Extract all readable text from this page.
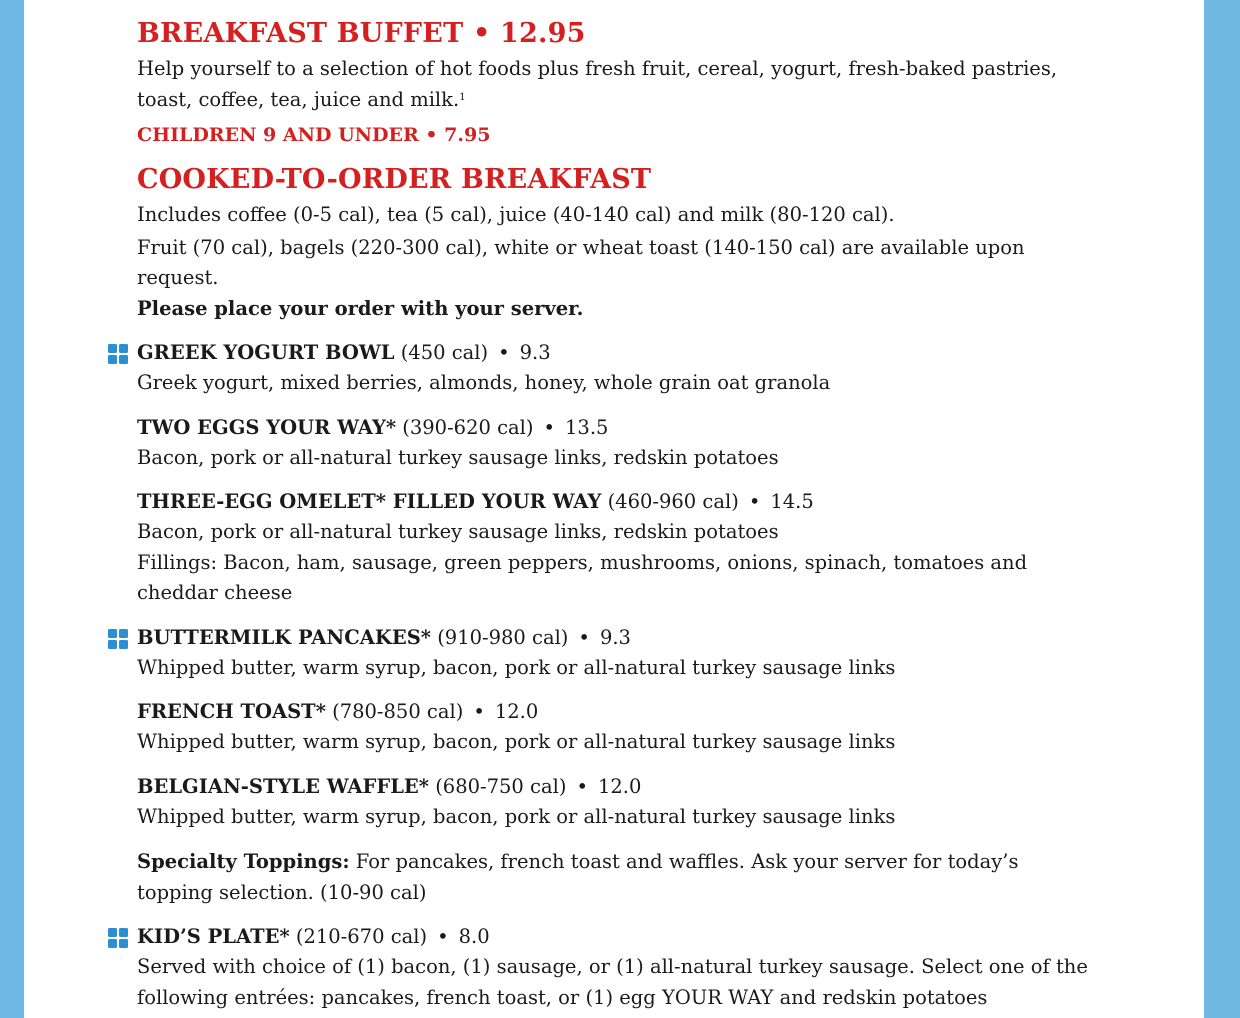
BREAKFAST BUFFET • 12.95
Help yourself to a selection of hot foods plus fresh fruit, cereal, yogurt, fresh-baked pastries, toast, coffee, tea, juice and milk.$^1$
CHILDREN 9 AND UNDER • 7.95
COOKED-TO-ORDER BREAKFAST
Includes coffee (0-5 cal), tea (5 cal), juice (40-140 cal) and milk (80-120 cal).
Fruit (70 cal), bagels (220-300 cal), white or wheat toast (140-150 cal) are available upon request.
Please place your order with your server.
GREEK YOGURT BOWL (450 cal) • 9.3
Greek yogurt, mixed berries, almonds, honey, whole grain oat granola
TWO EGGS YOUR WAY* (390-620 cal) • 13.5
Bacon, pork or all-natural turkey sausage links, redskin potatoes
THREE-EGG OMELET* FILLED YOUR WAY (460-960 cal) • 14.5
Bacon, pork or all-natural turkey sausage links, redskin potatoes
Fillings: Bacon, ham, sausage, green peppers, mushrooms, onions, spinach, tomatoes and cheddar cheese
BUTTERMILK PANCAKES* (910-980 cal) • 9.3
Whipped butter, warm syrup, bacon, pork or all-natural turkey sausage links
FRENCH TOAST* (780-850 cal) • 12.0
Whipped butter, warm syrup, bacon, pork or all-natural turkey sausage links
BELGIAN-STYLE WAFFLE* (680-750 cal) • 12.0
Whipped butter, warm syrup, bacon, pork or all-natural turkey sausage links
Specialty Toppings: For pancakes, french toast and waffles. Ask your server for today’s topping selection. (10-90 cal)
KID’S PLATE* (210-670 cal) • 8.0
Served with choice of (1) bacon, (1) sausage, or (1) all-natural turkey sausage. Select one of the following entrées: pancakes, french toast, or (1) egg YOUR WAY and redskin potatoes
